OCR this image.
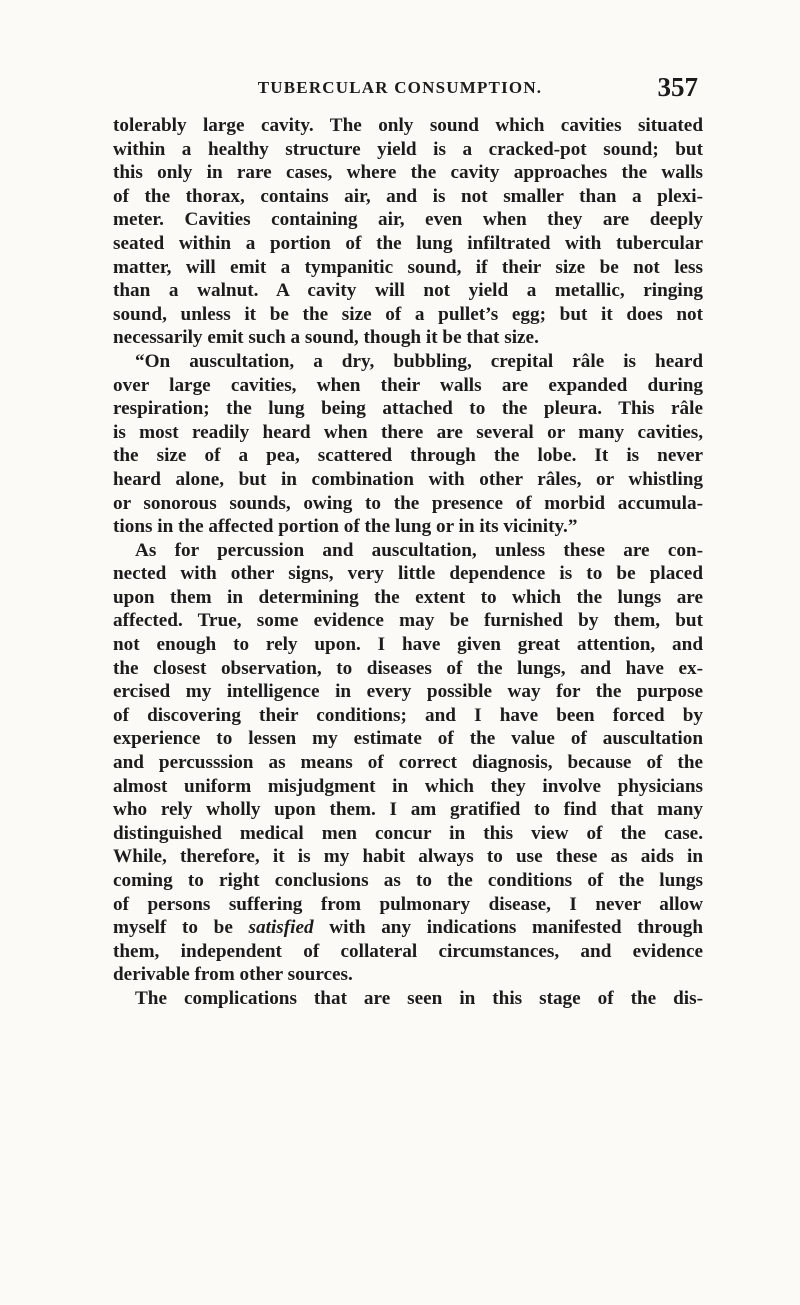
TUBERCULAR CONSUMPTION.	357
tolerably large cavity. The only sound which cavities situated
within a healthy structure yield is a cracked-pot sound; but
this only in rare cases, where the cavity approaches the walls
of the thorax, contains air, and is not smaller than a plexi-
meter. Cavities containing air, even when they are deeply
seated within a portion of the lung infiltrated with tubercular
matter, will emit a tympanitic sound, if their size be not less
than a walnut. A cavity will not yield a metallic, ringing
sound, unless it be the size of a pullet’s egg; but it does not
necessarily emit such a sound, though it be that size.
“On auscultation, a dry, bubbling, crepital râle is heard
over large cavities, when their walls are expanded during
respiration; the lung being attached to the pleura. This râle
is most readily heard when there are several or many cavities,
the size of a pea, scattered through the lobe. It is never
heard alone, but in combination with other râles, or whistling
or sonorous sounds, owing to the presence of morbid accumula-
tions in the affected portion of the lung or in its vicinity.”
As for percussion and auscultation, unless these are con-
nected with other signs, very little dependence is to be placed
upon them in determining the extent to which the lungs are
affected. True, some evidence may be furnished by them, but
not enough to rely upon. I have given great attention, and
the closest observation, to diseases of the lungs, and have ex-
ercised my intelligence in every possible way for the purpose
of discovering their conditions; and I have been forced by
experience to lessen my estimate of the value of auscultation
and percusssion as means of correct diagnosis, because of the
almost uniform misjudgment in which they involve physicians
who rely wholly upon them. I am gratified to find that many
distinguished medical men concur in this view of the case.
While, therefore, it is my habit always to use these as aids in
coming to right conclusions as to the conditions of the lungs
of persons suffering from pulmonary disease, I never allow
myself to be satisfied with any indications manifested through
them, independent of collateral circumstances, and evidence
derivable from other sources.
The complications that are seen in this stage of the dis-
